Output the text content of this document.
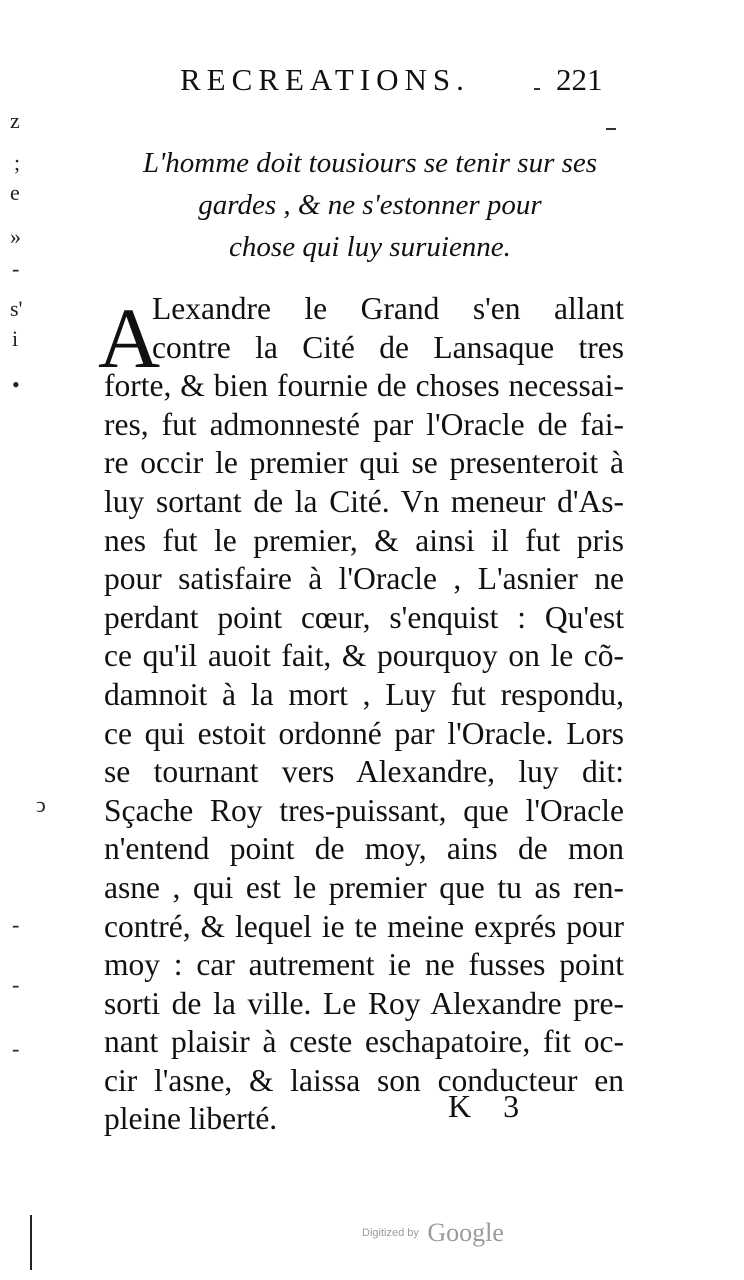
z
;
e
»
-
s'
i
•
ↄ
-
-
-
RECREATIONS.	221
L'homme doit tousiours se tenir sur ses
gardes , & ne s'estonner pour
chose qui luy suruienne.
A
Lexandre le Grand s'en allant
contre la Cité de Lansaque tres
forte, & bien fournie de choses necessai-
res, fut admonnesté par l'Oracle de fai-
re occir le premier qui se presenteroit à
luy sortant de la Cité. Vn meneur d'As-
nes fut le premier, & ainsi il fut pris
pour satisfaire à l'Oracle , L'asnier ne
perdant point cœur, s'enquist : Qu'est
ce qu'il auoit fait, & pourquoy on le cõ-
damnoit à la mort , Luy fut respondu,
ce qui estoit ordonné par l'Oracle. Lors
se tournant vers Alexandre, luy dit:
Sçache Roy tres-puissant, que l'Oracle
n'entend point de moy, ains de mon
asne , qui est le premier que tu as ren-
contré, & lequel ie te meine exprés pour
moy : car autrement ie ne fusses point
sorti de la ville. Le Roy Alexandre pre-
nant plaisir à ceste eschapatoire, fit oc-
cir l'asne, & laissa son conducteur en
pleine liberté.	K 3
Digitized by Google
